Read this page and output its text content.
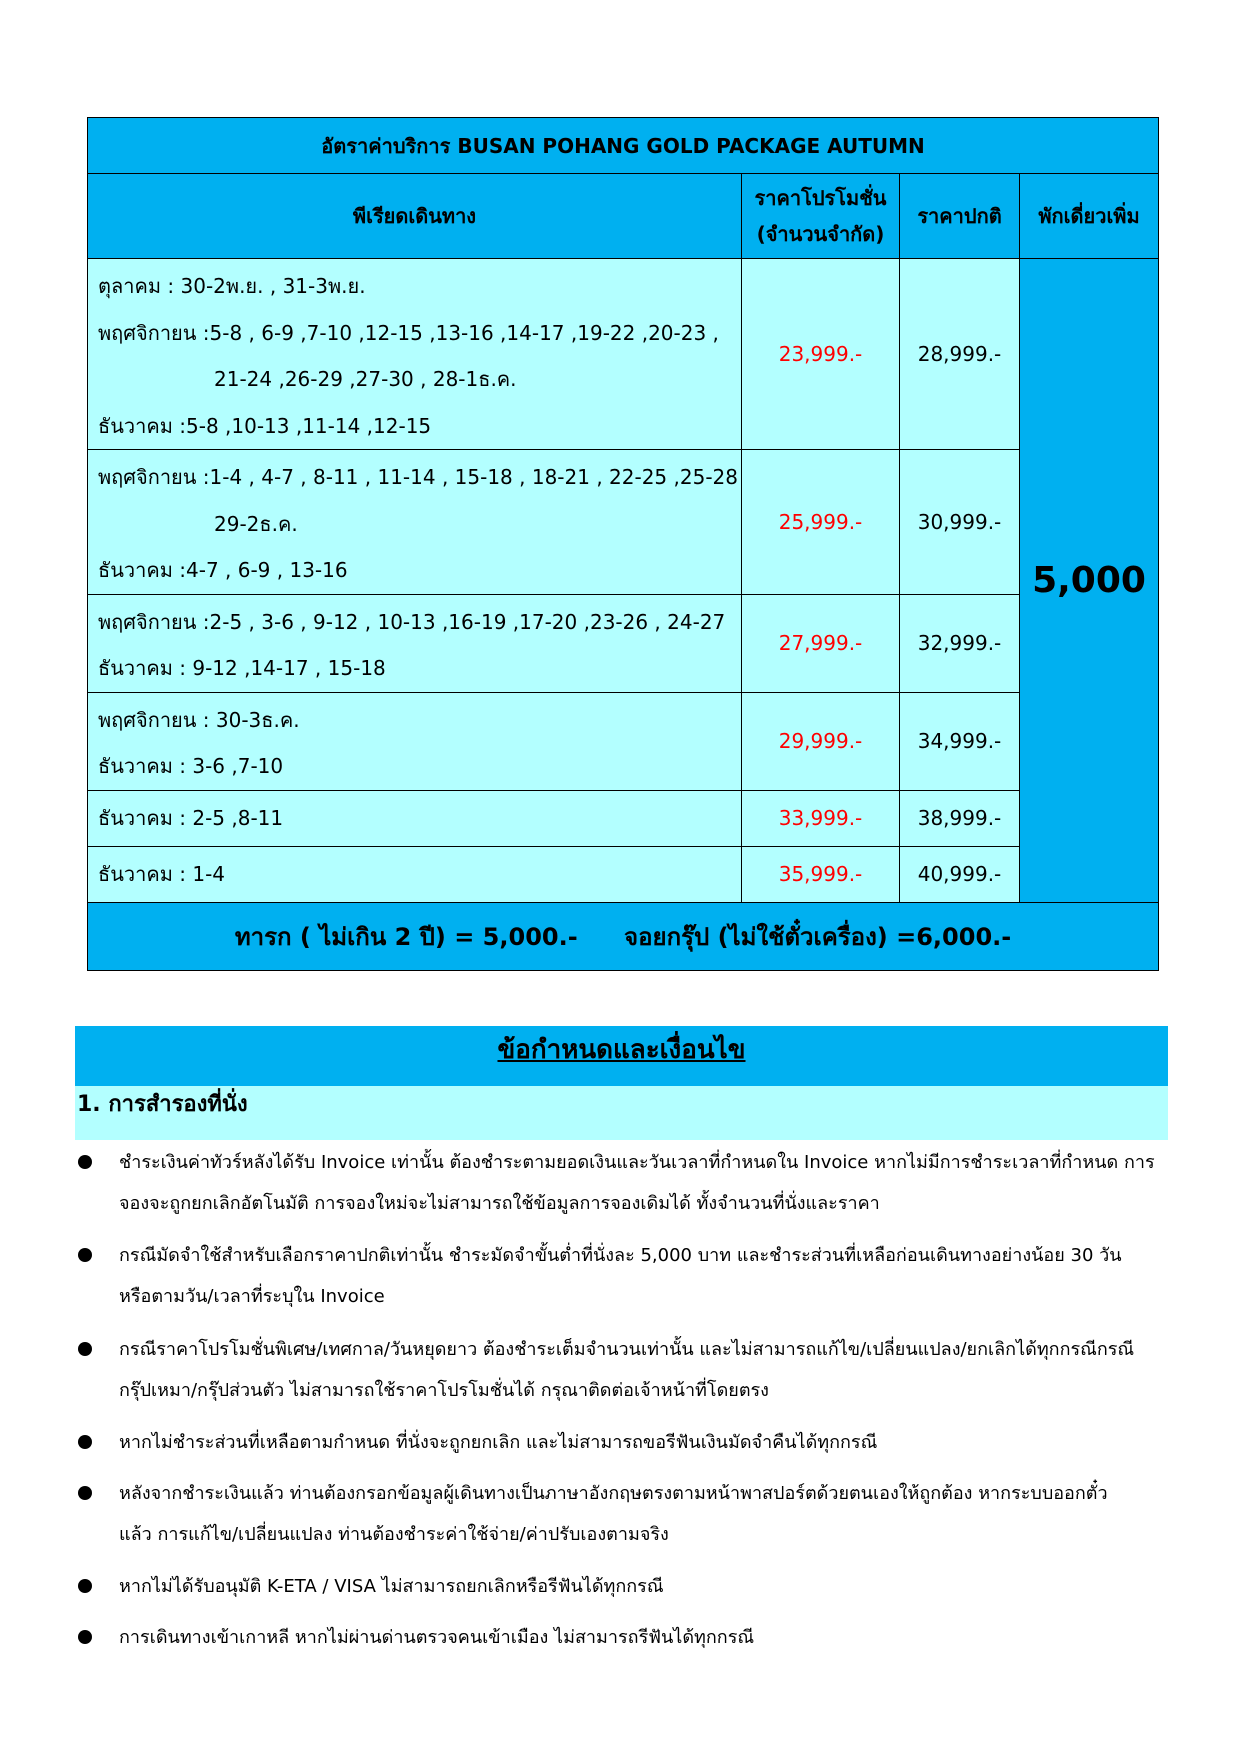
อัตราค่าบริการ BUSAN POHANG GOLD PACKAGE AUTUMN			
พีเรียดเดินทาง	ราคาโปรโมชั่น
(จำนวนจำกัด)	ราคาปกติ	พักเดี่ยวเพิ่ม

ตุลาคม : 30-2พ.ย. , 31-3พ.ย.
พฤศจิกายน :5-8 , 6-9 ,7-10 ,12-15 ,13-16 ,14-17 ,19-22 ,20-23 ,
21-24 ,26-29 ,27-30 , 28-1ธ.ค.
ธันวาคม :5-8 ,10-13 ,11-14 ,12-15	23,999.-	28,999.-	5,000

พฤศจิกายน :1-4 , 4-7 , 8-11 , 11-14 , 15-18 , 18-21 , 22-25 ,25-28
29-2ธ.ค.
ธันวาคม :4-7 , 6-9 , 13-16	25,999.-	30,999.-	

พฤศจิกายน :2-5 , 3-6 , 9-12 , 10-13 ,16-19 ,17-20 ,23-26 , 24-27
ธันวาคม : 9-12 ,14-17 , 15-18	27,999.-	32,999.-	

พฤศจิกายน : 30-3ธ.ค.
ธันวาคม : 3-6 ,7-10	29,999.-	34,999.-	

ธันวาคม : 2-5 ,8-11	33,999.-	38,999.-	

ธันวาคม : 1-4	35,999.-	40,999.-	
ทารก ( ไม่เกิน 2 ปี) = 5,000.- จอยกรุ๊ป (ไม่ใช้ตั๋วเครื่อง) =6,000.-			
ข้อกำหนดและเงื่อนไข
1. การสำรองที่นั่ง
ชำระเงินค่าทัวร์หลังได้รับ Invoice เท่านั้น ต้องชำระตามยอดเงินและวันเวลาที่กำหนดใน Invoice หากไม่มีการชำระเวลาที่กำหนด การ
จองจะถูกยกเลิกอัตโนมัติ การจองใหม่จะไม่สามารถใช้ข้อมูลการจองเดิมได้ ทั้งจำนวนที่นั่งและราคา
กรณีมัดจำใช้สำหรับเลือกราคาปกติเท่านั้น ชำระมัดจำขั้นต่ำที่นั่งละ 5,000 บาท และชำระส่วนที่เหลือก่อนเดินทางอย่างน้อย 30 วัน
หรือตามวัน/เวลาที่ระบุใน Invoice
กรณีราคาโปรโมชั่นพิเศษ/เทศกาล/วันหยุดยาว ต้องชำระเต็มจำนวนเท่านั้น และไม่สามารถแก้ไข/เปลี่ยนแปลง/ยกเลิกได้ทุกกรณีกรณี
กรุ๊ปเหมา/กรุ๊ปส่วนตัว ไม่สามารถใช้ราคาโปรโมชั่นได้ กรุณาติดต่อเจ้าหน้าที่โดยตรง
หากไม่ชำระส่วนที่เหลือตามกำหนด ที่นั่งจะถูกยกเลิก และไม่สามารถขอรีฟันเงินมัดจำคืนได้ทุกกรณี
หลังจากชำระเงินแล้ว ท่านต้องกรอกข้อมูลผู้เดินทางเป็นภาษาอังกฤษตรงตามหน้าพาสปอร์ตด้วยตนเองให้ถูกต้อง หากระบบออกตั๋ว
แล้ว การแก้ไข/เปลี่ยนแปลง ท่านต้องชำระค่าใช้จ่าย/ค่าปรับเองตามจริง
หากไม่ได้รับอนุมัติ K-ETA / VISA ไม่สามารถยกเลิกหรือรีฟันได้ทุกกรณี
การเดินทางเข้าเกาหลี หากไม่ผ่านด่านตรวจคนเข้าเมือง ไม่สามารถรีฟันได้ทุกกรณี
